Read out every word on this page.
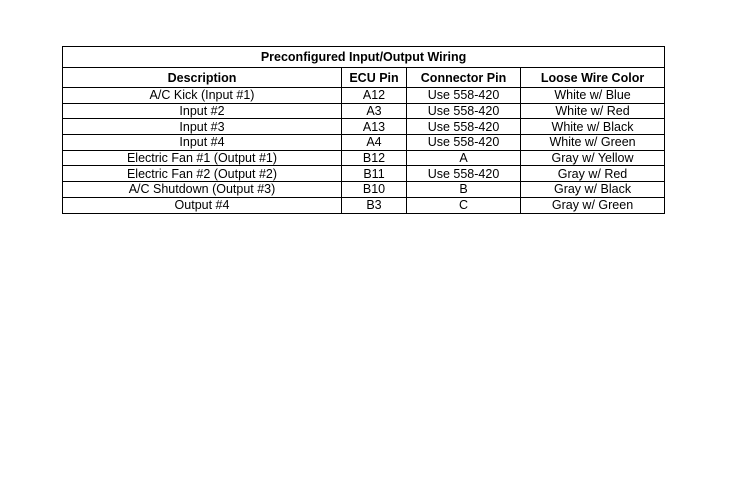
Preconfigured Input/Output Wiring			
Description	ECU Pin	Connector Pin	Loose Wire Color
A/C Kick (Input #1)	A12	Use 558-420	White w/ Blue
Input #2	A3	Use 558-420	White w/ Red
Input #3	A13	Use 558-420	White w/ Black
Input #4	A4	Use 558-420	White w/ Green
Electric Fan #1 (Output #1)	B12	A	Gray w/ Yellow
Electric Fan #2 (Output #2)	B11	Use 558-420	Gray w/ Red
A/C Shutdown (Output #3)	B10	B	Gray w/ Black
Output #4	B3	C	Gray w/ Green
